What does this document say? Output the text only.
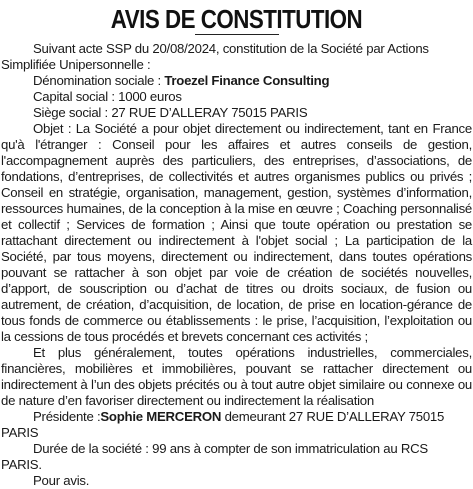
AVIS DE CONSTITUTION

Suivant acte SSP du 20/08/2024, constitution de la Société par Actions Simplifiée Unipersonnelle :

Dénomination sociale : Troezel Finance Consulting

Capital social : 1000 euros

Siège social : 27 RUE D’ALLERAY 75015 PARIS

Objet : La Société a pour objet directement ou indirectement, tant en France qu'à l'étranger : Conseil pour les affaires et autres conseils de gestion, l'accompagnement auprès des particuliers, des entreprises, d’associations, de fondations, d’entreprises, de collectivités et autres organismes publics ou privés ; Conseil en stratégie, organisation, management, gestion, systèmes d’information, ressources humaines, de la conception à la mise en œuvre ; Coaching personnalisé et collectif ; Services de formation ; Ainsi que toute opération ou prestation se rattachant directement ou indirectement à l'objet social ; La participation de la Société, par tous moyens, directement ou indirectement, dans toutes opérations pouvant se rattacher à son objet par voie de création de sociétés nouvelles, d’apport, de souscription ou d’achat de titres ou droits sociaux, de fusion ou autrement, de création, d’acquisition, de location, de prise en location-gérance de tous fonds de commerce ou établissements : le prise, l’acquisition, l’exploitation ou la cessions de tous procédés et brevets concernant ces activités ;

Et plus généralement, toutes opérations industrielles, commerciales, financières, mobilières et immobilières, pouvant se rattacher directement ou indirectement à l’un des objets précités ou à tout autre objet similaire ou connexe ou de nature d’en favoriser directement ou indirectement la réalisation

Présidente :Sophie MERCERON demeurant 27 RUE D’ALLERAY 75015 PARIS

Durée de la société : 99 ans à compter de son immatriculation au RCS PARIS.

Pour avis.
